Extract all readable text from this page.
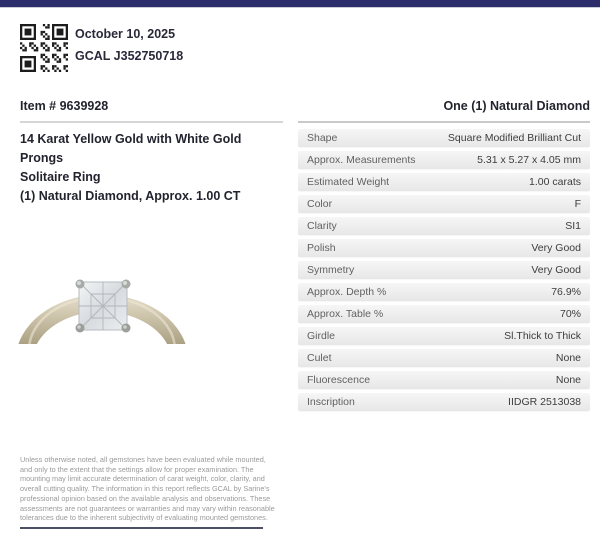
October 10, 2025
GCAL J352750718
Item # 9639928
14 Karat Yellow Gold with White Gold Prongs
Solitaire Ring
(1) Natural Diamond, Approx. 1.00 CT
One (1) Natural Diamond
Shape	Square Modified Brilliant Cut
Approx. Measurements	5.31 x 5.27 x 4.05 mm
Estimated Weight	1.00 carats
Color	F
Clarity	SI1
Polish	Very Good
Symmetry	Very Good
Approx. Depth %	76.9%
Approx. Table %	70%
Girdle	Sl.Thick to Thick
Culet	None
Fluorescence	None
Inscription	IIDGR 2513038

Unless otherwise noted, all gemstones have been evaluated while mounted, and only to the extent that the settings allow for proper examination. The mounting may limit accurate determination of carat weight, color, clarity, and overall cutting quality. The information in this report reflects GCAL by Sarine's professional opinion based on the available analysis and observations. These assessments are not guarantees or warranties and may vary within reasonable tolerances due to the inherent subjectivity of evaluating mounted gemstones.
